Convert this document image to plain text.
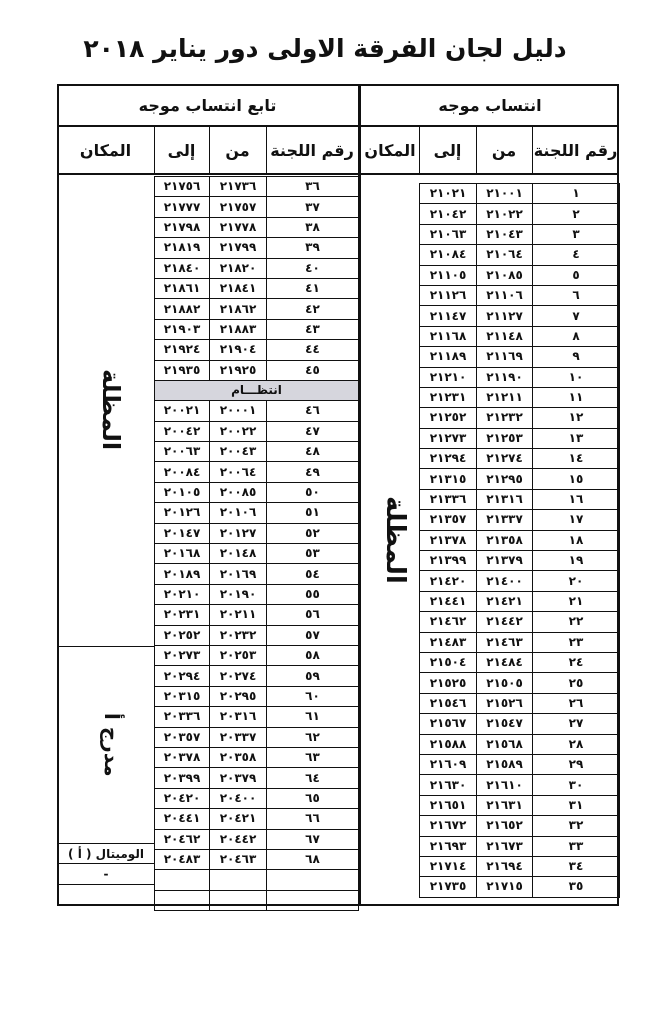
دليل لجان الفرقة الاولى دور يناير ٢٠١٨
انتساب موجه
تابع انتساب موجه
رقم اللجنة
من
إلى
المكان
رقم اللجنة
من
إلى
المكان
١	٢١٠٠١	٢١٠٢١
٢	٢١٠٢٢	٢١٠٤٢
٣	٢١٠٤٣	٢١٠٦٣
٤	٢١٠٦٤	٢١٠٨٤
٥	٢١٠٨٥	٢١١٠٥
٦	٢١١٠٦	٢١١٢٦
٧	٢١١٢٧	٢١١٤٧
٨	٢١١٤٨	٢١١٦٨
٩	٢١١٦٩	٢١١٨٩
١٠	٢١١٩٠	٢١٢١٠
١١	٢١٢١١	٢١٢٣١
١٢	٢١٢٣٢	٢١٢٥٢
١٣	٢١٢٥٣	٢١٢٧٣
١٤	٢١٢٧٤	٢١٢٩٤
١٥	٢١٢٩٥	٢١٣١٥
١٦	٢١٣١٦	٢١٣٣٦
١٧	٢١٣٣٧	٢١٣٥٧
١٨	٢١٣٥٨	٢١٣٧٨
١٩	٢١٣٧٩	٢١٣٩٩
٢٠	٢١٤٠٠	٢١٤٢٠
٢١	٢١٤٢١	٢١٤٤١
٢٢	٢١٤٤٢	٢١٤٦٢
٢٣	٢١٤٦٣	٢١٤٨٣
٢٤	٢١٤٨٤	٢١٥٠٤
٢٥	٢١٥٠٥	٢١٥٢٥
٢٦	٢١٥٢٦	٢١٥٤٦
٢٧	٢١٥٤٧	٢١٥٦٧
٢٨	٢١٥٦٨	٢١٥٨٨
٢٩	٢١٥٨٩	٢١٦٠٩
٣٠	٢١٦١٠	٢١٦٣٠
٣١	٢١٦٣١	٢١٦٥١
٣٢	٢١٦٥٢	٢١٦٧٢
٣٣	٢١٦٧٣	٢١٦٩٣
٣٤	٢١٦٩٤	٢١٧١٤
٣٥	٢١٧١٥	٢١٧٣٥
المظلة
٣٦	٢١٧٣٦	٢١٧٥٦
٣٧	٢١٧٥٧	٢١٧٧٧
٣٨	٢١٧٧٨	٢١٧٩٨
٣٩	٢١٧٩٩	٢١٨١٩
٤٠	٢١٨٢٠	٢١٨٤٠
٤١	٢١٨٤١	٢١٨٦١
٤٢	٢١٨٦٢	٢١٨٨٢
٤٣	٢١٨٨٣	٢١٩٠٣
٤٤	٢١٩٠٤	٢١٩٢٤
٤٥	٢١٩٢٥	٢١٩٣٥
انتظـــام		
٤٦	٢٠٠٠١	٢٠٠٢١
٤٧	٢٠٠٢٢	٢٠٠٤٢
٤٨	٢٠٠٤٣	٢٠٠٦٣
٤٩	٢٠٠٦٤	٢٠٠٨٤
٥٠	٢٠٠٨٥	٢٠١٠٥
٥١	٢٠١٠٦	٢٠١٢٦
٥٢	٢٠١٢٧	٢٠١٤٧
٥٣	٢٠١٤٨	٢٠١٦٨
٥٤	٢٠١٦٩	٢٠١٨٩
٥٥	٢٠١٩٠	٢٠٢١٠
٥٦	٢٠٢١١	٢٠٢٣١
٥٧	٢٠٢٣٢	٢٠٢٥٢
٥٨	٢٠٢٥٣	٢٠٢٧٣
٥٩	٢٠٢٧٤	٢٠٢٩٤
٦٠	٢٠٢٩٥	٢٠٣١٥
٦١	٢٠٣١٦	٢٠٣٣٦
٦٢	٢٠٣٣٧	٢٠٣٥٧
٦٣	٢٠٣٥٨	٢٠٣٧٨
٦٤	٢٠٣٧٩	٢٠٣٩٩
٦٥	٢٠٤٠٠	٢٠٤٢٠
٦٦	٢٠٤٢١	٢٠٤٤١
٦٧	٢٠٤٤٢	٢٠٤٦٢
٦٨	٢٠٤٦٣	٢٠٤٨٣

المظلة
مدرج أ
الوميتال ( أ )
-
